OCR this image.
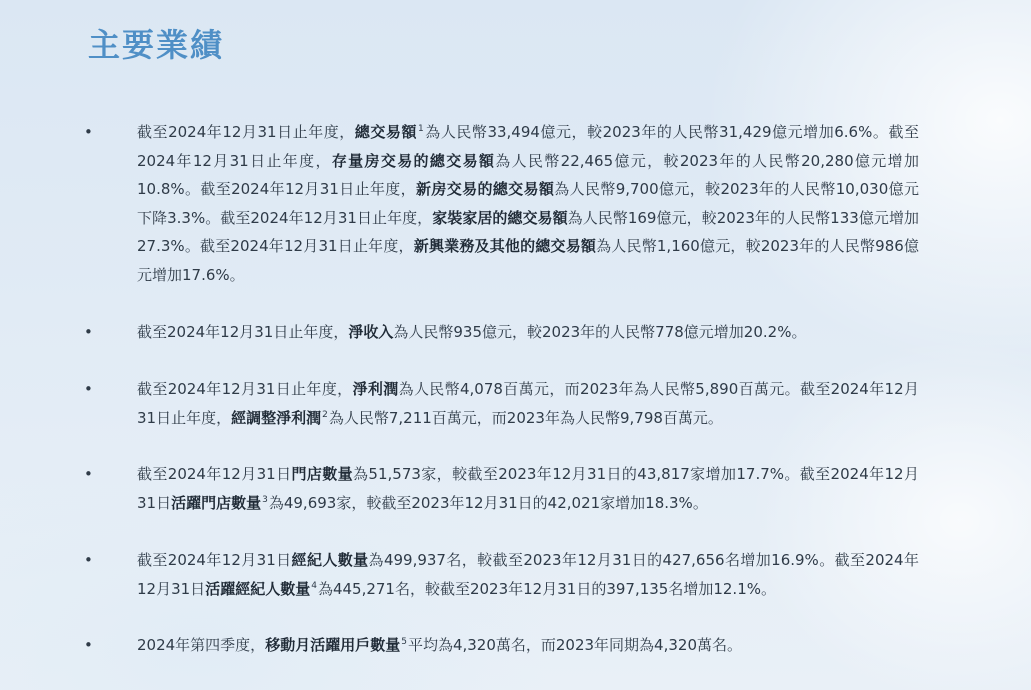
主要業績
•	截至2024年12月31日止年度，總交易額$^1$為人民幣33,494億元，較2023年的人民幣31,429億元增加6.6%。截至2024年12月31日止年度，存量房交易的總交易額為人民幣22,465億元，較2023年的人民幣20,280億元增加10.8%。截至2024年12月31日止年度，新房交易的總交易額為人民幣9,700億元，較2023年的人民幣10,030億元下降3.3%。截至2024年12月31日止年度，家裝家居的總交易額為人民幣169億元，較2023年的人民幣133億元增加27.3%。截至2024年12月31日止年度，新興業務及其他的總交易額為人民幣1,160億元，較2023年的人民幣986億元增加17.6%。

•	截至2024年12月31日止年度，淨收入為人民幣935億元，較2023年的人民幣778億元增加20.2%。

•	截至2024年12月31日止年度，淨利潤為人民幣4,078百萬元，而2023年為人民幣5,890百萬元。截至2024年12月31日止年度，經調整淨利潤$^2$為人民幣7,211百萬元，而2023年為人民幣9,798百萬元。

•	截至2024年12月31日門店數量為51,573家，較截至2023年12月31日的43,817家增加17.7%。截至2024年12月31日活躍門店數量$^3$為49,693家，較截至2023年12月31日的42,021家增加18.3%。

•	截至2024年12月31日經紀人數量為499,937名，較截至2023年12月31日的427,656名增加16.9%。截至2024年12月31日活躍經紀人數量$^4$為445,271名，較截至2023年12月31日的397,135名增加12.1%。

•	2024年第四季度，移動月活躍用戶數量$^5$平均為4,320萬名，而2023年同期為4,320萬名。
